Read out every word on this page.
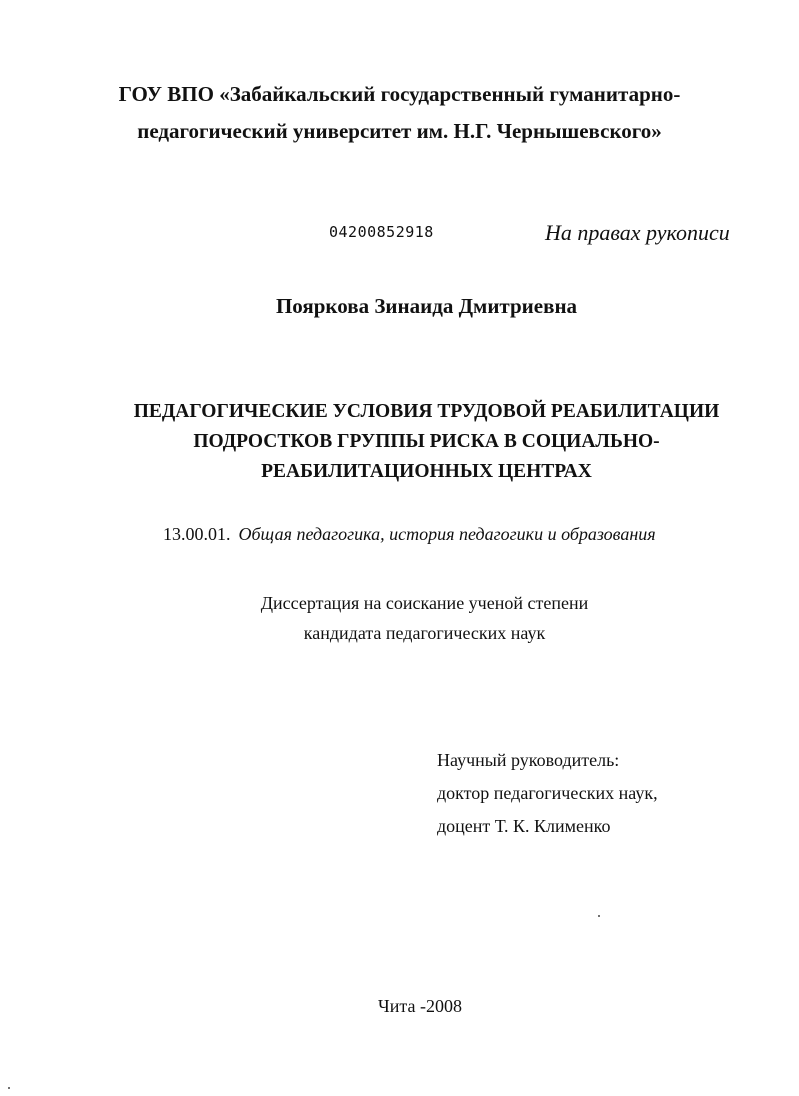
ГОУ ВПО «Забайкальский государственный гуманитарно-
педагогический университет им. Н.Г. Чернышевского»
04200852918	На правах рукописи
Пояркова Зинаида Дмитриевна
ПЕДАГОГИЧЕСКИЕ УСЛОВИЯ ТРУДОВОЙ РЕАБИЛИТАЦИИ
ПОДРОСТКОВ ГРУППЫ РИСКА В СОЦИАЛЬНО-
РЕАБИЛИТАЦИОННЫХ ЦЕНТРАХ
13.00.01. Общая педагогика, история педагогики и образования
Диссертация на соискание ученой степени
кандидата педагогических наук
Научный руководитель:
доктор педагогических наук,
доцент Т. К. Клименко
Чита -2008
